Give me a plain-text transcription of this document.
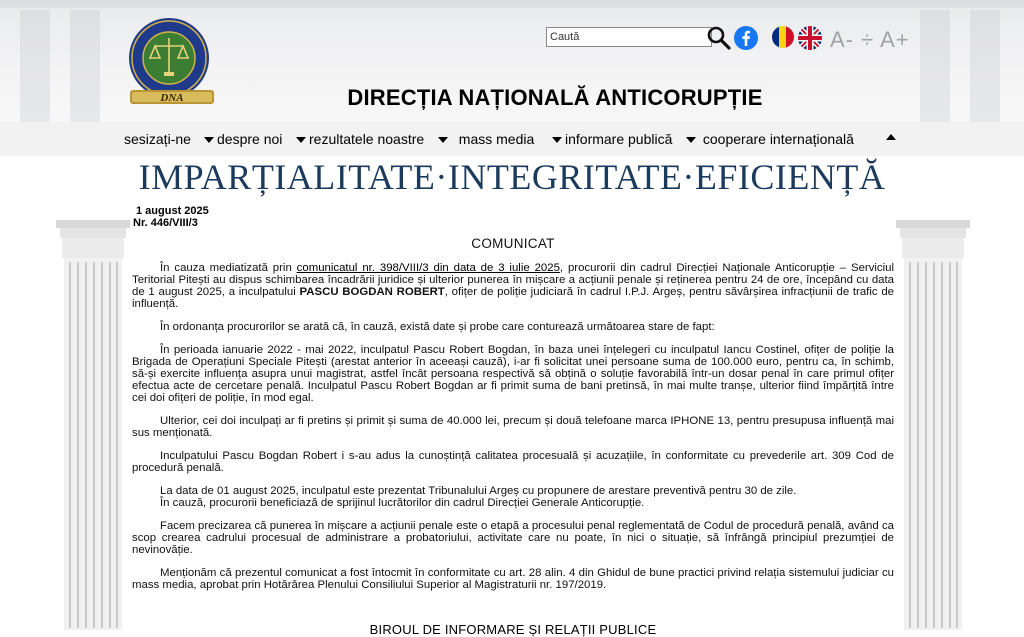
DNA	DIRECȚIA NAȚIONALĂ ANTICORUPȚIE
Caută
A- ÷ A+
sesizați-ne	despre noi	rezultatele noastre	mass media	informare publică	cooperare internațională
IMPARȚIALITATE·INTEGRITATE·EFICIENȚĂ
1 august 2025
Nr. 446/VIII/3
COMUNICAT

În cauza mediatizată prin comunicatul nr. 398/VIII/3 din data de 3 iulie 2025, procurorii din cadrul Direcției Naționale Anticorupție – Serviciul Teritorial Pitești au dispus schimbarea încadrării juridice și ulterior punerea în mișcare a acțiunii penale și reținerea pentru 24 de ore, începând cu data de 1 august 2025, a inculpatului PASCU BOGDAN ROBERT, ofițer de poliție judiciară în cadrul I.P.J. Argeș, pentru săvârșirea infracțiunii de trafic de influență.

În ordonanța procurorilor se arată că, în cauză, există date și probe care conturează următoarea stare de fapt:

În perioada ianuarie 2022 - mai 2022, inculpatul Pascu Robert Bogdan, în baza unei înțelegeri cu inculpatul Iancu Costinel, ofițer de poliție la Brigada de Operațiuni Speciale Pitești (arestat anterior în aceeași cauză), i-ar fi solicitat unei persoane suma de 100.000 euro, pentru ca, în schimb, să-și exercite influența asupra unui magistrat, astfel încât persoana respectivă să obțină o soluție favorabilă într-un dosar penal în care primul ofițer efectua acte de cercetare penală. Inculpatul Pascu Robert Bogdan ar fi primit suma de bani pretinsă, în mai multe tranșe, ulterior fiind împărțită între cei doi ofițeri de poliție, în mod egal.

Ulterior, cei doi inculpați ar fi pretins și primit și suma de 40.000 lei, precum și două telefoane marca IPHONE 13, pentru presupusa influență mai sus menționată.

Inculpatului Pascu Bogdan Robert i s-au adus la cunoștință calitatea procesuală și acuzațiile, în conformitate cu prevederile art. 309 Cod de procedură penală.

La data de 01 august 2025, inculpatul este prezentat Tribunalului Argeș cu propunere de arestare preventivă pentru 30 de zile.

În cauză, procurorii beneficiază de sprijinul lucrătorilor din cadrul Direcției Generale Anticorupție.

Facem precizarea că punerea în mișcare a acțiunii penale este o etapă a procesului penal reglementată de Codul de procedură penală, având ca scop crearea cadrului procesual de administrare a probatoriului, activitate care nu poate, în nici o situație, să înfrângă principiul prezumției de nevinovăție.

Menționăm că prezentul comunicat a fost întocmit în conformitate cu art. 28 alin. 4 din Ghidul de bune practici privind relația sistemului judiciar cu mass media, aprobat prin Hotărârea Plenului Consiliului Superior al Magistraturii nr. 197/2019.

BIROUL DE INFORMARE ȘI RELAȚII PUBLICE
